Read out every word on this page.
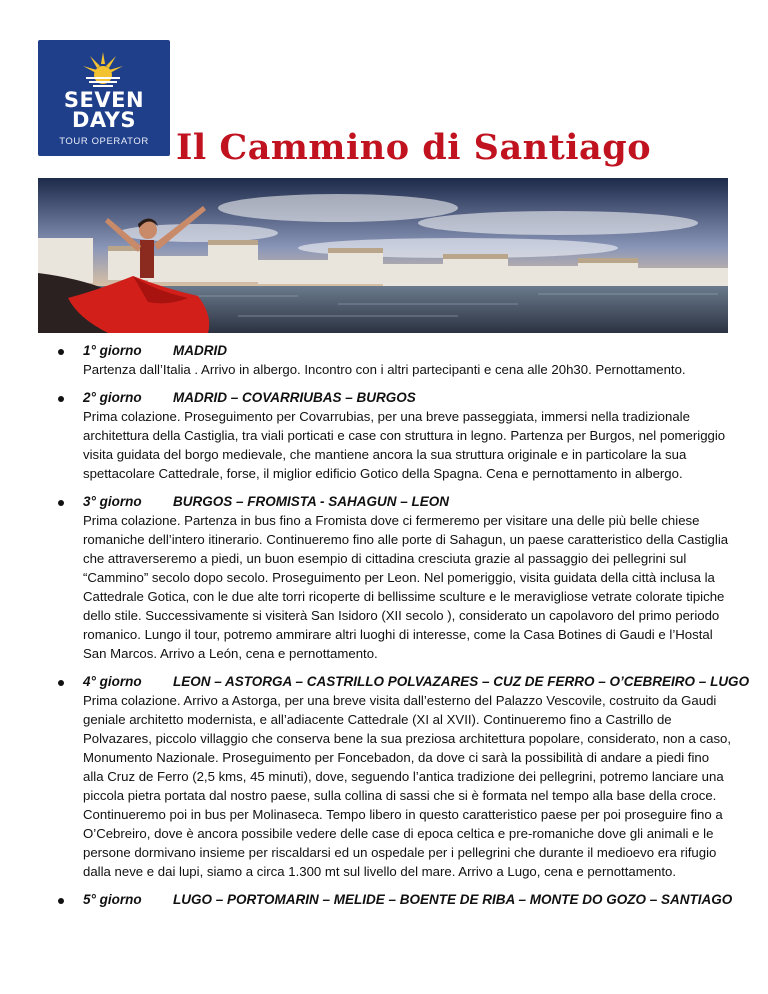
SEVEN
DAYS
TOUR OPERATOR Il Cammino di Santiago
1° giorno MADRID

Partenza dall’Italia . Arrivo in albergo. Incontro con i altri partecipanti e cena alle 20h30. Pernottamento.

2° giorno MADRID – COVARRIUBAS – BURGOS

Prima colazione. Proseguimento per Covarrubias, per una breve passeggiata, immersi nella tradizionale architettura della Castiglia, tra viali porticati e case con struttura in legno. Partenza per Burgos, nel pomeriggio visita guidata del borgo medievale, che mantiene ancora la sua struttura originale e in particolare la sua spettacolare Cattedrale, forse, il miglior edificio Gotico della Spagna. Cena e pernottamento in albergo.

3° giorno BURGOS – FROMISTA - SAHAGUN – LEON

Prima colazione. Partenza in bus fino a Fromista dove ci fermeremo per visitare una delle più belle chiese romaniche dell’intero itinerario. Continueremo fino alle porte di Sahagun, un paese caratteristico della Castiglia che attraverseremo a piedi, un buon esempio di cittadina cresciuta grazie al passaggio dei pellegrini sul “Cammino” secolo dopo secolo. Proseguimento per Leon. Nel pomeriggio, visita guidata della città inclusa la Cattedrale Gotica, con le due alte torri ricoperte di bellissime sculture e le meravigliose vetrate colorate tipiche dello stile. Successivamente si visiterà San Isidoro (XII secolo ), considerato un capolavoro del primo periodo romanico. Lungo il tour, potremo ammirare altri luoghi di interesse, come la Casa Botines di Gaudi e l’Hostal San Marcos. Arrivo a León, cena e pernottamento.

4° giorno LEON – ASTORGA – CASTRILLO POLVAZARES – CUZ DE FERRO – O’CEBREIRO – LUGO

Prima colazione. Arrivo a Astorga, per una breve visita dall’esterno del Palazzo Vescovile, costruito da Gaudi geniale architetto modernista, e all’adiacente Cattedrale (XI al XVII). Continueremo fino a Castrillo de Polvazares, piccolo villaggio che conserva bene la sua preziosa architettura popolare, considerato, non a caso, Monumento Nazionale. Proseguimento per Foncebadon, da dove ci sarà la possibilità di andare a piedi fino alla Cruz de Ferro (2,5 kms, 45 minuti), dove, seguendo l’antica tradizione dei pellegrini, potremo lanciare una piccola pietra portata dal nostro paese, sulla collina di sassi che si è formata nel tempo alla base della croce. Continueremo poi in bus per Molinaseca. Tempo libero in questo caratteristico paese per poi proseguire fino a O’Cebreiro, dove è ancora possibile vedere delle case di epoca celtica e pre-romaniche dove gli animali e le persone dormivano insieme per riscaldarsi ed un ospedale per i pellegrini che durante il medioevo era rifugio dalla neve e dai lupi, siamo a circa 1.300 mt sul livello del mare. Arrivo a Lugo, cena e pernottamento.

5° giorno LUGO – PORTOMARIN – MELIDE – BOENTE DE RIBA – MONTE DO GOZO – SANTIAGO
